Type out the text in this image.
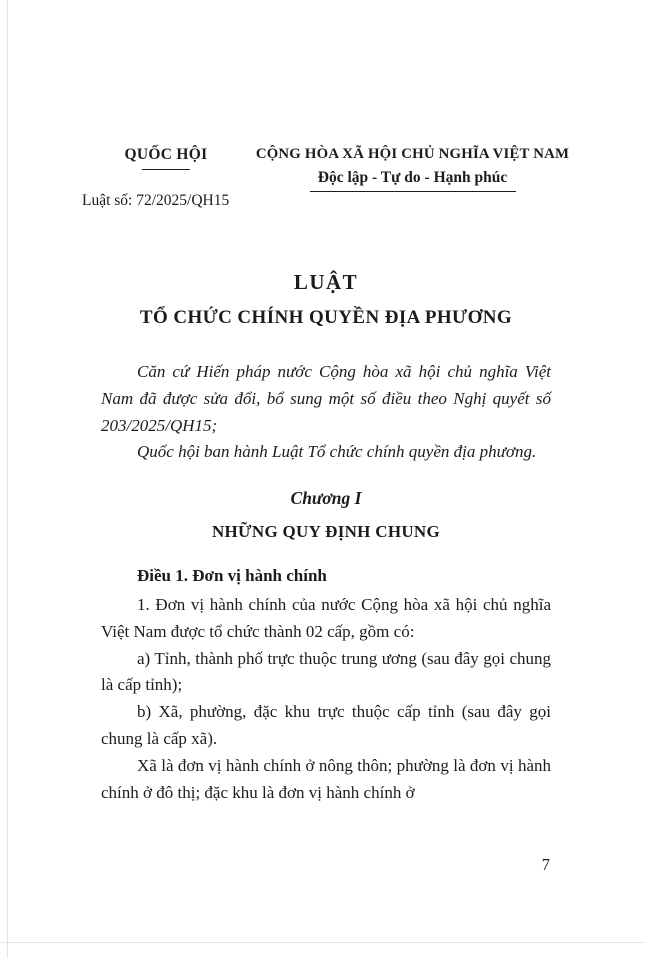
QUỐC HỘI
Luật số: 72/2025/QH15
CỘNG HÒA XÃ HỘI CHỦ NGHĨA VIỆT NAM
Độc lập - Tự do - Hạnh phúc
LUẬT
TỔ CHỨC CHÍNH QUYỀN ĐỊA PHƯƠNG

Căn cứ Hiến pháp nước Cộng hòa xã hội chủ nghĩa Việt Nam đã được sửa đổi, bổ sung một số điều theo Nghị quyết số 203/2025/QH15;

Quốc hội ban hành Luật Tổ chức chính quyền địa phương.

Chương I
NHỮNG QUY ĐỊNH CHUNG
Điều 1. Đơn vị hành chính

1. Đơn vị hành chính của nước Cộng hòa xã hội chủ nghĩa Việt Nam được tổ chức thành 02 cấp, gồm có:

a) Tỉnh, thành phố trực thuộc trung ương (sau đây gọi chung là cấp tỉnh);

b) Xã, phường, đặc khu trực thuộc cấp tỉnh (sau đây gọi chung là cấp xã).

Xã là đơn vị hành chính ở nông thôn; phường là đơn vị hành chính ở đô thị; đặc khu là đơn vị hành chính ở

7
